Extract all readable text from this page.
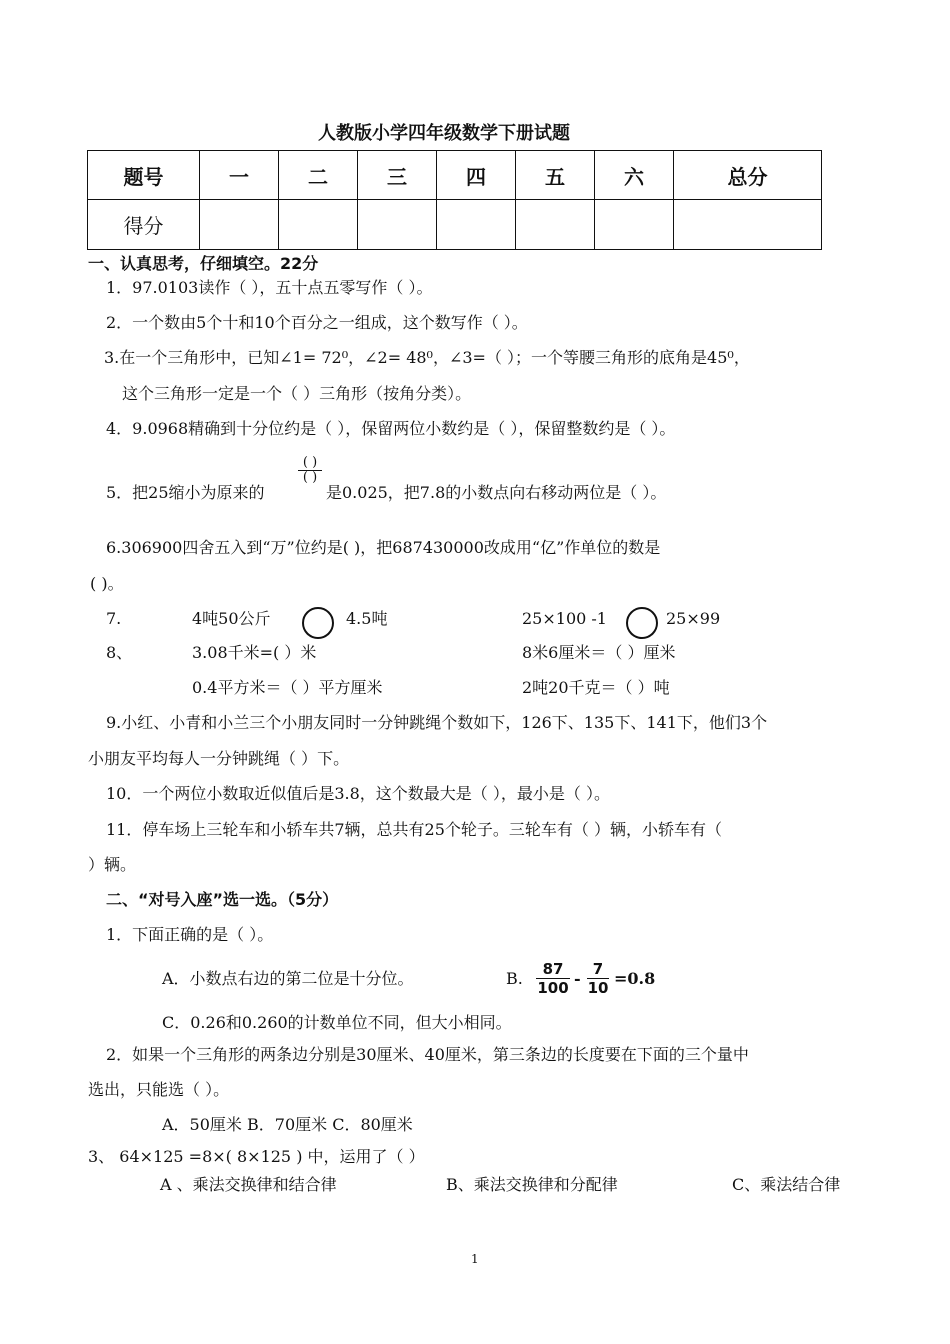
人教版小学四年级数学下册试题
题号	一	二	三	四	五	六	总分
得分							
一、认真思考，仔细填空。22分
1．97.0103读作（ ），五十点五零写作（ ）。
2．一个数由5个十和10个百分之一组成，这个数写作（ ）。
3.在一个三角形中，已知∠1= 72⁰，∠2= 48⁰，∠3=（ ）；一个等腰三角形的底角是45⁰，
这个三角形一定是一个（ ）三角形（按角分类）。
4．9.0968精确到十分位约是（ ），保留两位小数约是（ ），保留整数约是（ ）。
5．把25缩小为原来的
( )
( )
是0.025，把7.8的小数点向右移动两位是（ ）。
6.306900四舍五入到“万”位约是( )，把687430000改成用“亿”作单位的数是
( )。
7.	4吨50公斤	4.5吨	25×100 -1	25×99
8、	3.08千米=( ）米	8米6厘米＝（ ）厘米
0.4平方米＝（ ）平方厘米	2吨20千克＝（ ）吨
9.小红、小青和小兰三个小朋友同时一分钟跳绳个数如下，126下、135下、141下，他们3个
小朋友平均每人一分钟跳绳（ ）下。
10．一个两位小数取近似值后是3.8，这个数最大是（ ），最小是（ ）。
11．停车场上三轮车和小轿车共7辆，总共有25个轮子。三轮车有（ ）辆，小轿车有（
）辆。
二、“对号入座”选一选。（5分）
1．下面正确的是（ ）。
A．小数点右边的第二位是十分位。	B. $\frac{87}{100} - \frac{7}{10} =0.8$
C．0.26和0.260的计数单位不同，但大小相同。
2．如果一个三角形的两条边分别是30厘米、40厘米，第三条边的长度要在下面的三个量中
选出，只能选（ ）。
A．50厘米 B．70厘米 C．80厘米
3、 64×125 =8×( 8×125 ) 中，运用了（ ）
A 、乘法交换律和结合律	B、乘法交换律和分配律	C、乘法结合律
1
